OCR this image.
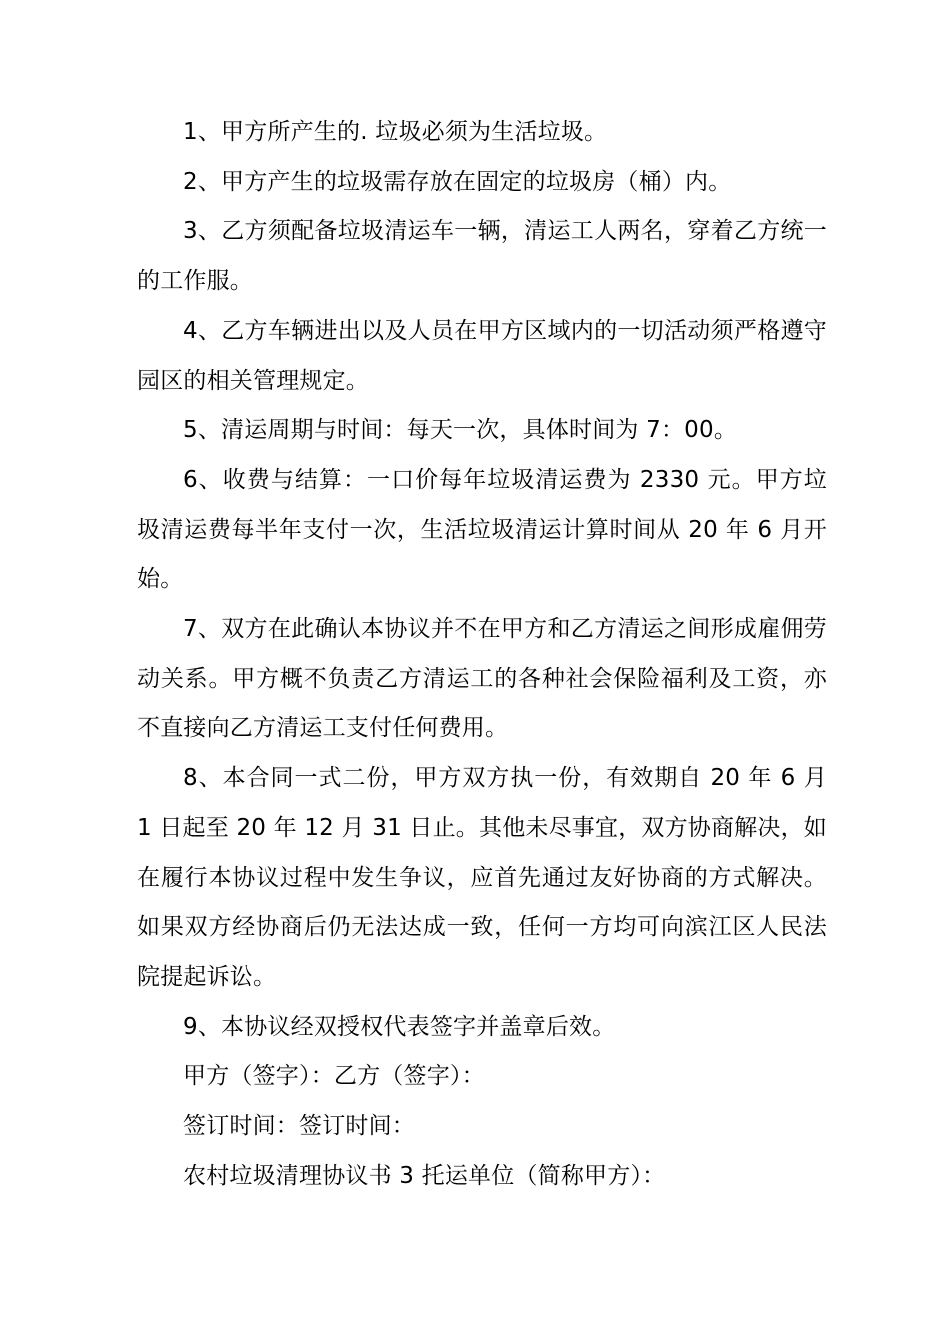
1、甲方所产生的. 垃圾必须为生活垃圾。

2、甲方产生的垃圾需存放在固定的垃圾房（桶）内。

3、乙方须配备垃圾清运车一辆，清运工人两名，穿着乙方统一的工作服。

4、乙方车辆进出以及人员在甲方区域内的一切活动须严格遵守园区的相关管理规定。

5、清运周期与时间：每天一次，具体时间为 7：00。

6、收费与结算：一口价每年垃圾清运费为 2330 元。甲方垃圾清运费每半年支付一次，生活垃圾清运计算时间从 20 年 6 月开始。

7、双方在此确认本协议并不在甲方和乙方清运之间形成雇佣劳动关系。甲方概不负责乙方清运工的各种社会保险福利及工资，亦不直接向乙方清运工支付任何费用。

8、本合同一式二份，甲方双方执一份，有效期自 20 年 6 月 1 日起至 20 年 12 月 31 日止。其他未尽事宜，双方协商解决，如在履行本协议过程中发生争议，应首先通过友好协商的方式解决。如果双方经协商后仍无法达成一致，任何一方均可向滨江区人民法院提起诉讼。

9、本协议经双授权代表签字并盖章后效。

甲方（签字）：乙方（签字）：

签订时间：签订时间：

农村垃圾清理协议书 3 托运单位（简称甲方）：
